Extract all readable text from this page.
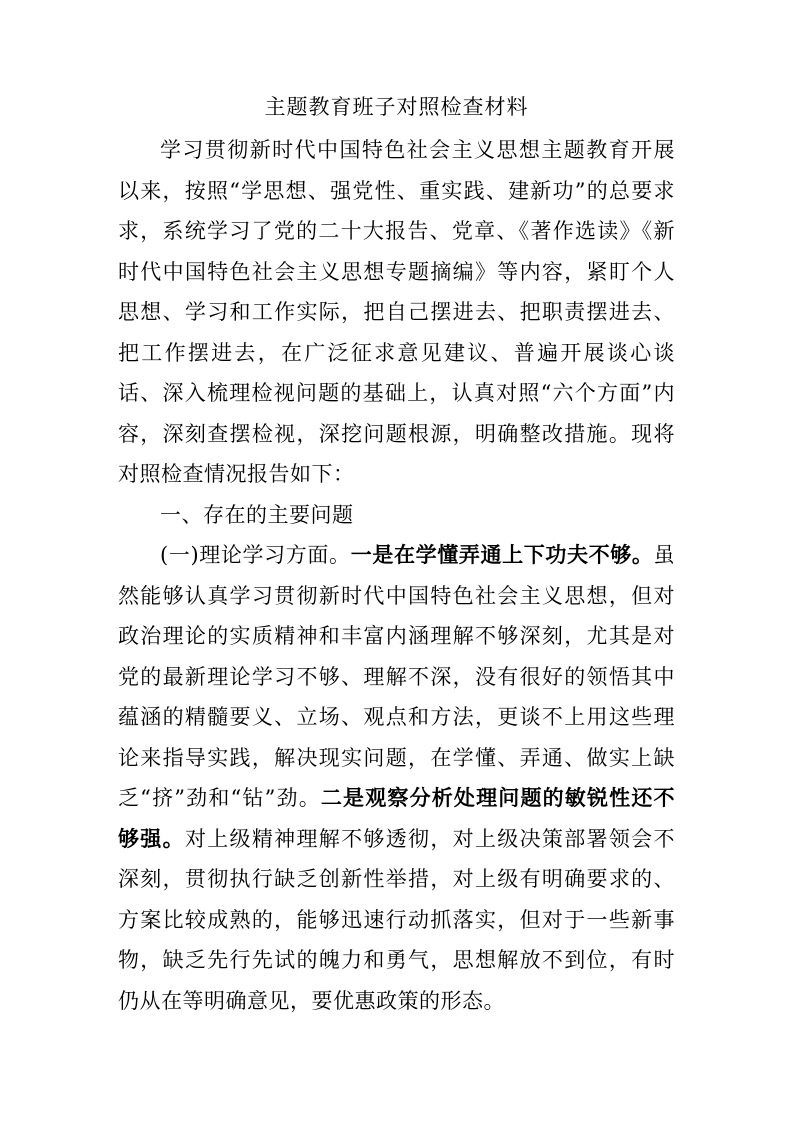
主题教育班子对照检查材料

学习贯彻新时代中国特色社会主义思想主题教育开展以来，按照“学思想、强党性、重实践、建新功”的总要求求，系统学习了党的二十大报告、党章、《著作选读》《新时代中国特色社会主义思想专题摘编》等内容，紧盯个人思想、学习和工作实际，把自己摆进去、把职责摆进去、把工作摆进去，在广泛征求意见建议、普遍开展谈心谈话、深入梳理检视问题的基础上，认真对照“六个方面”内容，深刻查摆检视，深挖问题根源，明确整改措施。现将对照检查情况报告如下：

一、存在的主要问题

(一)理论学习方面。一是在学懂弄通上下功夫不够。虽然能够认真学习贯彻新时代中国特色社会主义思想，但对政治理论的实质精神和丰富内涵理解不够深刻，尤其是对党的最新理论学习不够、理解不深，没有很好的领悟其中蕴涵的精髓要义、立场、观点和方法，更谈不上用这些理论来指导实践，解决现实问题，在学懂、弄通、做实上缺乏“挤”劲和“钻”劲。二是观察分析处理问题的敏锐性还不够强。对上级精神理解不够透彻，对上级决策部署领会不深刻，贯彻执行缺乏创新性举措，对上级有明确要求的、方案比较成熟的，能够迅速行动抓落实，但对于一些新事物，缺乏先行先试的魄力和勇气，思想解放不到位，有时仍从在等明确意见，要优惠政策的形态。
